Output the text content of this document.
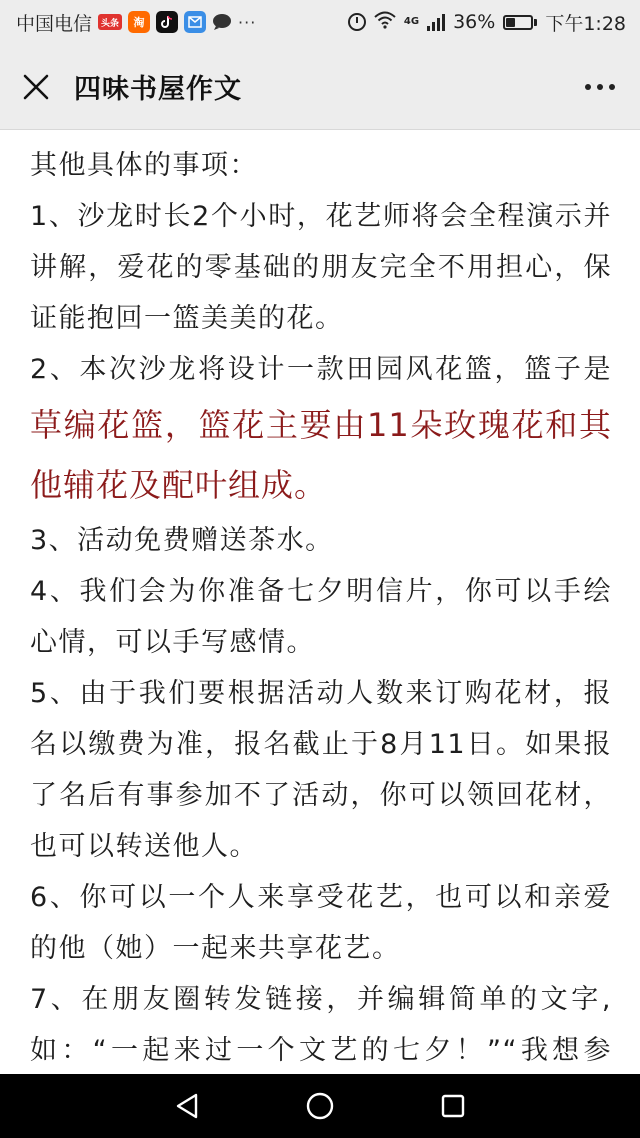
中国电信 头条	淘	···	4G 36%	下午1:28
四味书屋作文

其他具体的事项：

1、沙龙时长2个小时，花艺师将会全程演示并讲解，爱花的零基础的朋友完全不用担心，保证能抱回一篮美美的花。

2、本次沙龙将设计一款田园风花篮，篮子是草编花篮，篮花主要由11朵玫瑰花和其他辅花及配叶组成。

3、活动免费赠送茶水。

4、我们会为你准备七夕明信片，你可以手绘心情，可以手写感情。

5、由于我们要根据活动人数来订购花材，报名以缴费为准，报名截止于8月11日。如果报了名后有事参加不了活动，你可以领回花材，也可以转送他人。

6、你可以一个人来享受花艺，也可以和亲爱的他（她）一起来共享花艺。

7、在朋友圈转发链接，并编辑简单的文字,如：“一起来过一个文艺的七夕！”“我想参
